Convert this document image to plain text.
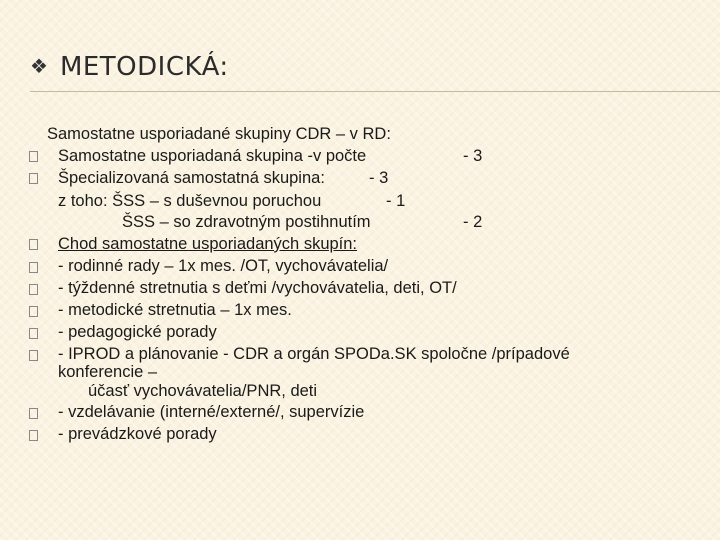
❖ METODICKÁ:
Samostatne usporiadané skupiny CDR – v RD:
Samostatne usporiadaná skupina -v počte	- 3
Špecializovaná samostatná skupina:	- 3
z toho: ŠSS – s duševnou poruchou	- 1
ŠSS – so zdravotným postihnutím	- 2
Chod samostatne usporiadaných skupín:
- rodinné rady – 1x mes. /OT, vychovávatelia/
- týždenné stretnutia s deťmi /vychovávatelia, deti, OT/
- metodické stretnutia – 1x mes.
- pedagogické porady
- IPROD a plánovanie - CDR a orgán SPODa.SK spoločne /prípadové
konferencie –
účasť vychovávatelia/PNR, deti
- vzdelávanie (interné/externé/, supervízie
- prevádzkové porady
